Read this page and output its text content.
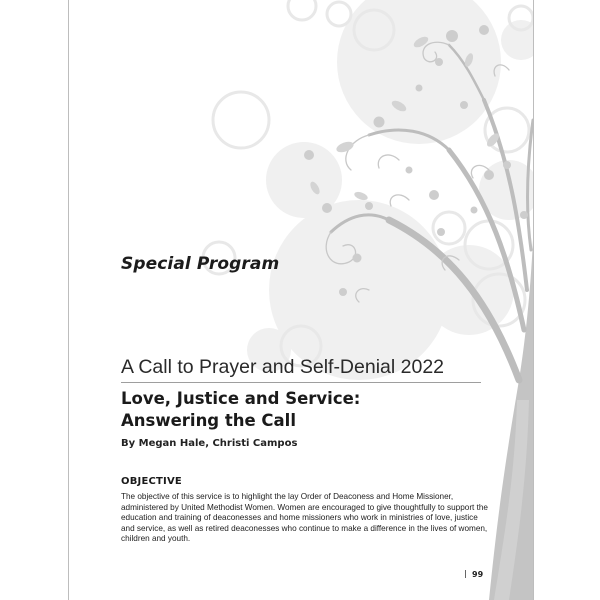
Special Program

A Call to Prayer and Self-Denial 2022
Love, Justice and Service:
Answering the Call

By Megan Hale, Christi Campos

OBJECTIVE

The objective of this service is to highlight the lay Order of Deaconess and Home Missioner, administered by United Methodist Women. Women are encouraged to give thoughtfully to support the education and training of deaconesses and home missioners who work in ministries of love, justice and service, as well as retired deaconesses who continue to make a difference in the lives of women, children and youth.

99
